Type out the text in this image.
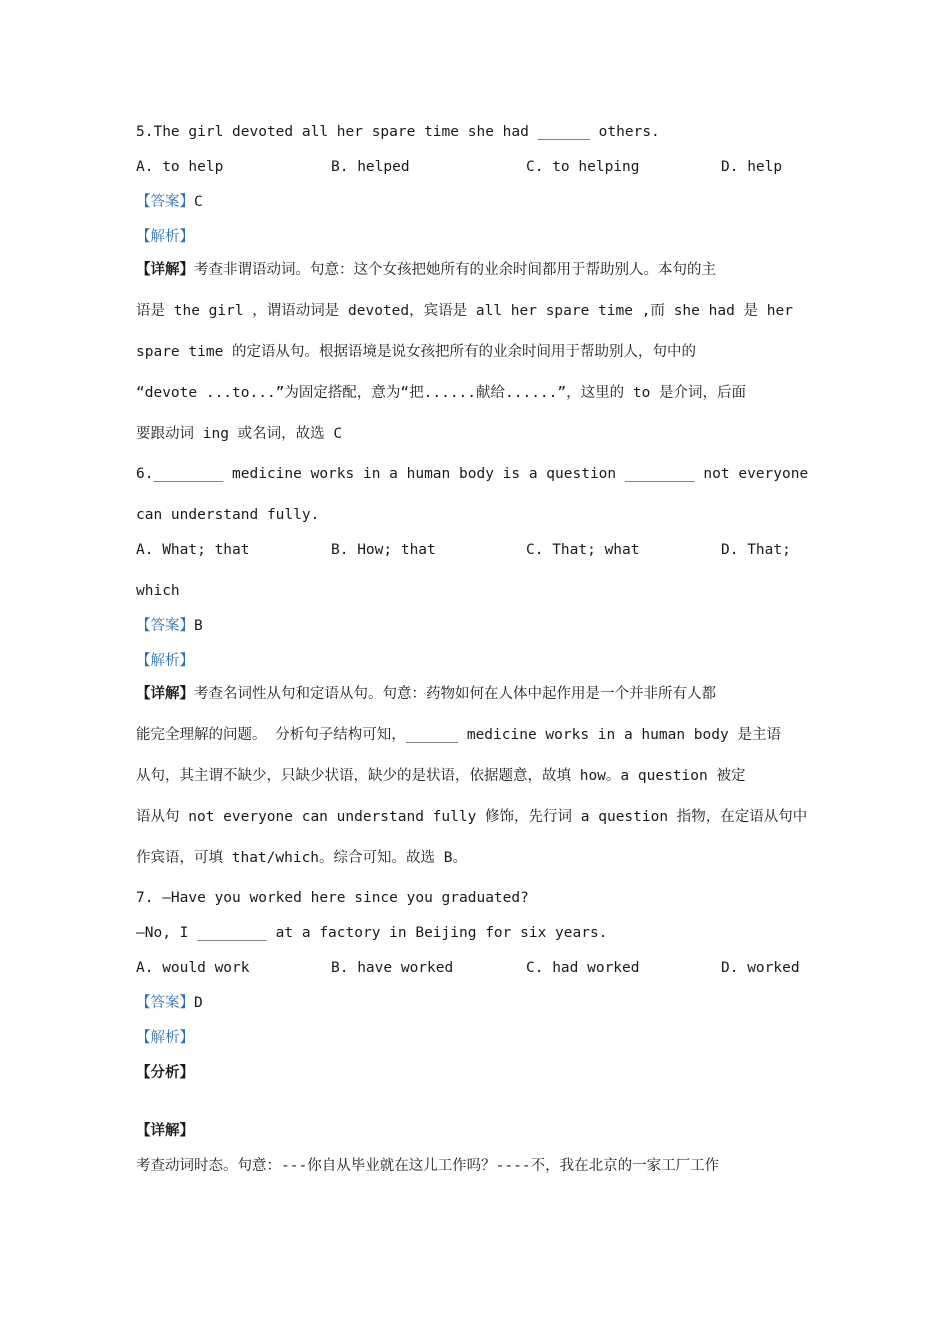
5.The girl devoted all her spare time she had ______ others.

A. to help	B. helped	C. to helping	D. help

【答案】C

【解析】

【详解】考查非谓语动词。句意：这个女孩把她所有的业余时间都用于帮助别人。本句的主

语是 the girl ，谓语动词是 devoted，宾语是 all her spare time ,而 she had 是 her

spare time 的定语从句。根据语境是说女孩把所有的业余时间用于帮助别人，句中的

“devote ...to...”为固定搭配，意为“把......献给......”，这里的 to 是介词，后面

要跟动词 ing 或名词，故选 C

6.________ medicine works in a human body is a question ________ not everyone

can understand fully.

A. What; that	B. How; that	C. That; what	D. That;

which

【答案】B

【解析】

【详解】考查名词性从句和定语从句。句意：药物如何在人体中起作用是一个并非所有人都

能完全理解的问题。 分析句子结构可知，______ medicine works in a human body 是主语

从句，其主谓不缺少，只缺少状语，缺少的是状语，依据题意，故填 how。a question 被定

语从句 not everyone can understand fully 修饰，先行词 a question 指物，在定语从句中

作宾语，可填 that/which。综合可知。故选 B。

7. —Have you worked here since you graduated?

—No, I ________ at a factory in Beijing for six years.

A. would work	B. have worked	C. had worked	D. worked

【答案】D

【解析】

【分析】

【详解】

考查动词时态。句意：---你自从毕业就在这儿工作吗？----不，我在北京的一家工厂工作
